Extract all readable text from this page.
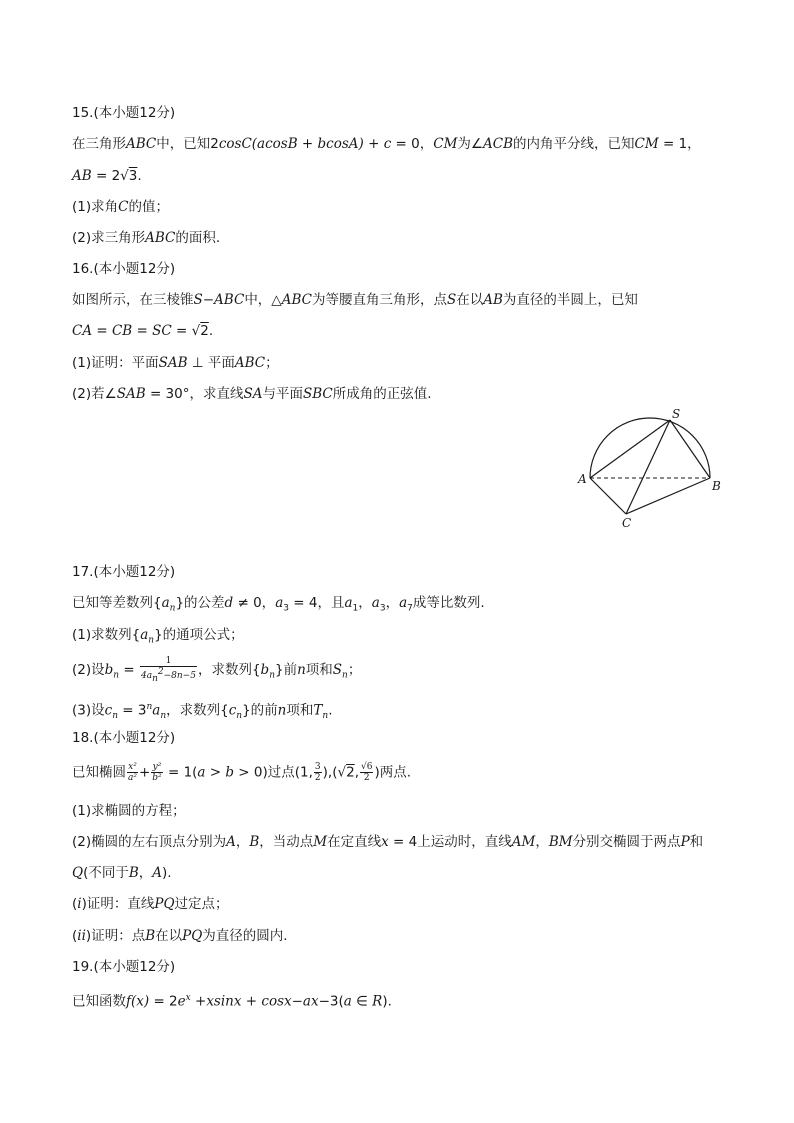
15.(本小题12分)
在三角形ABC中，已知2cosC(acosB + bcosA) + c = 0，CM为∠ACB的内角平分线，已知CM = 1，
AB = 2√3.
(1)求角C的值；
(2)求三角形ABC的面积.
16.(本小题12分)
如图所示，在三棱锥S−ABC中，△ABC为等腰直角三角形，点S在以AB为直径的半圆上，已知
CA = CB = SC = √2.
(1)证明：平面SAB ⊥ 平面ABC；
(2)若∠SAB = 30°，求直线SA与平面SBC所成角的正弦值.
S
A	B
C
17.(本小题12分)
已知等差数列$\{a_n\}$的公差d ≠ 0，$a_3 = 4$，且$a_1$，$a_3$，$a_7$成等比数列.
(1)求数列$\{a_n\}$的通项公式；
(2)设$b_n = \frac{1}{4a_n^2-8n-5}$ ，求数列$\{b_n\}$前n项和$S_n$；
(3)设$c_n = 3^na_n$，求数列$\{c_n\}$的前n项和$T_n$.
18.(本小题12分)
已知椭圆 $\frac{\text{x²}}{\text{a²}} + \frac{\text{y²}}{\text{b²}} = 1(a > b > 0)$过点(1, $\frac{3}{2} ),(√2$, $\frac{√6}{2}$ )两点.
(1)求椭圆的方程；
(2)椭圆的左右顶点分别为A，B，当动点M在定直线x = 4上运动时，直线AM，BM分别交椭圆于两点P和
Q(不同于B，A).
(i)证明：直线PQ过定点；
(ii)证明：点B在以PQ为直径的圆内.
19.(本小题12分)
已知函数$f(x) = 2e^x +xsinx + \cos x-ax-3(a$ ∈ R).
